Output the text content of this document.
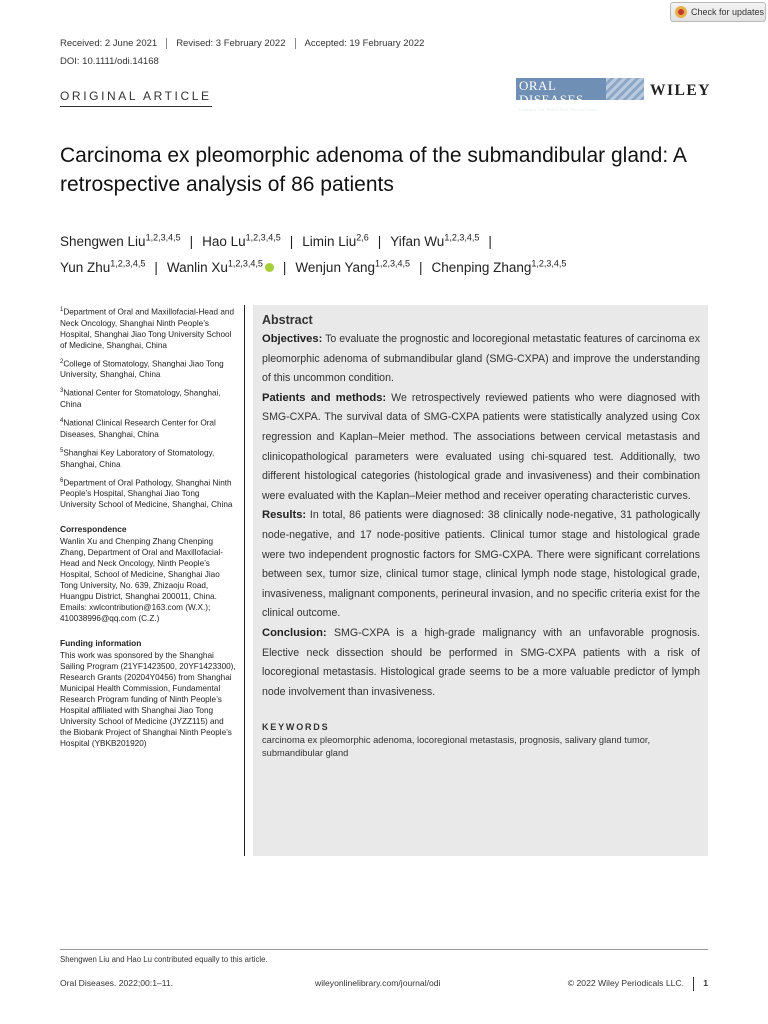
Check for updates
Received: 2 June 2021	Revised: 3 February 2022	Accepted: 19 February 2022
DOI: 10.1111/odi.14168
ORAL DISEASES
Leading in Oral, Head & Neck, Mucosal Disease
WILEY
ORIGINAL ARTICLE
Carcinoma ex pleomorphic adenoma of the submandibular gland: A retrospective analysis of 86 patients
Shengwen Liu$^{1,2,3,4,5}$ | Hao Lu$^{1,2,3,4,5}$ | Limin Liu$^{2,6}$ | Yifan Wu$^{1,2,3,4,5}$ |
Yun Zhu$^{1,2,3,4,5}$ | Wanlin Xu$^{1,2,3,4,5}$ | Wenjun Yang$^{1,2,3,4,5}$ | Chenping Zhang$^{1,2,3,4,5}$
$^1$Department of Oral and Maxillofacial-Head and Neck Oncology, Shanghai Ninth People’s Hospital, Shanghai Jiao Tong University School of Medicine, Shanghai, China
$^2$College of Stomatology, Shanghai Jiao Tong University, Shanghai, China
$^3$National Center for Stomatology, Shanghai, China
$^4$National Clinical Research Center for Oral Diseases, Shanghai, China
$^5$Shanghai Key Laboratory of Stomatology, Shanghai, China
$^6$Department of Oral Pathology, Shanghai Ninth People’s Hospital, Shanghai Jiao Tong University School of Medicine, Shanghai, China
Correspondence

Wanlin Xu and Chenping Zhang Chenping Zhang, Department of Oral and Maxillofacial-Head and Neck Oncology, Ninth People’s Hospital, School of Medicine, Shanghai Jiao Tong University, No. 639, Zhizaoju Road, Huangpu District, Shanghai 200011, China.

Emails: xwlcontribution@163.com (W.X.); 410038996@qq.com (C.Z.)

Funding information

This work was sponsored by the Shanghai Sailing Program (21YF1423500, 20YF1423300), Research Grants (20204Y0456) from Shanghai Municipal Health Commission, Fundamental Research Program funding of Ninth People’s Hospital affiliated with Shanghai Jiao Tong University School of Medicine (JYZZ115) and the Biobank Project of Shanghai Ninth People’s Hospital (YBKB201920)

Abstract
Objectives: To evaluate the prognostic and locoregional metastatic features of carcinoma ex pleomorphic adenoma of submandibular gland (SMG-CXPA) and improve the understanding of this uncommon condition.
Patients and methods: We retrospectively reviewed patients who were diagnosed with SMG-CXPA. The survival data of SMG-CXPA patients were statistically analyzed using Cox regression and Kaplan–Meier method. The associations between cervical metastasis and clinicopathological parameters were evaluated using chi-squared test. Additionally, two different histological categories (histological grade and invasiveness) and their combination were evaluated with the Kaplan–Meier method and receiver operating characteristic curves.
Results: In total, 86 patients were diagnosed: 38 clinically node-negative, 31 pathologically node-negative, and 17 node-positive patients. Clinical tumor stage and histological grade were two independent prognostic factors for SMG-CXPA. There were significant correlations between sex, tumor size, clinical tumor stage, clinical lymph node stage, histological grade, invasiveness, malignant components, perineural invasion, and no specific criteria exist for the clinical outcome.
Conclusion: SMG-CXPA is a high-grade malignancy with an unfavorable prognosis. Elective neck dissection should be performed in SMG-CXPA patients with a risk of locoregional metastasis. Histological grade seems to be a more valuable predictor of lymph node involvement than invasiveness.
KEYWORDS
carcinoma ex pleomorphic adenoma, locoregional metastasis, prognosis, salivary gland tumor, submandibular gland
Shengwen Liu and Hao Lu contributed equally to this article.
Oral Diseases. 2022;00:1–11.	wileyonlinelibrary.com/journal/odi	© 2022 Wiley Periodicals LLC. 1
